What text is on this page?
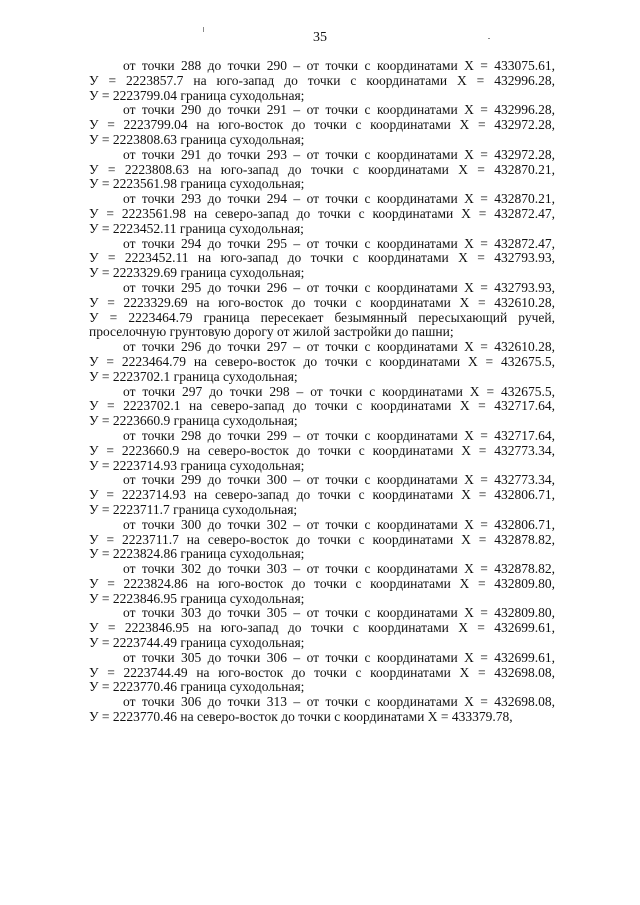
35

от точки 288 до точки 290 – от точки с координатами Х = 433075.61,
У = 2223857.7 на юго-запад до точки с координатами Х = 432996.28,
У = 2223799.04 граница суходольная;

от точки 290 до точки 291 – от точки с координатами Х = 432996.28,
У = 2223799.04 на юго-восток до точки с координатами Х = 432972.28,
У = 2223808.63 граница суходольная;

от точки 291 до точки 293 – от точки с координатами Х = 432972.28,
У = 2223808.63 на юго-запад до точки с координатами Х = 432870.21,
У = 2223561.98 граница суходольная;

от точки 293 до точки 294 – от точки с координатами Х = 432870.21,
У = 2223561.98 на северо-запад до точки с координатами Х = 432872.47,
У = 2223452.11 граница суходольная;

от точки 294 до точки 295 – от точки с координатами Х = 432872.47,
У = 2223452.11 на юго-запад до точки с координатами Х = 432793.93,
У = 2223329.69 граница суходольная;

от точки 295 до точки 296 – от точки с координатами Х = 432793.93,
У = 2223329.69 на юго-восток до точки с координатами Х = 432610.28,
У = 2223464.79 граница пересекает безымянный пересыхающий ручей,
проселочную грунтовую дорогу от жилой застройки до пашни;

от точки 296 до точки 297 – от точки с координатами Х = 432610.28,
У = 2223464.79 на северо-восток до точки с координатами Х = 432675.5,
У = 2223702.1 граница суходольная;

от точки 297 до точки 298 – от точки с координатами Х = 432675.5,
У = 2223702.1 на северо-запад до точки с координатами Х = 432717.64,
У = 2223660.9 граница суходольная;

от точки 298 до точки 299 – от точки с координатами Х = 432717.64,
У = 2223660.9 на северо-восток до точки с координатами Х = 432773.34,
У = 2223714.93 граница суходольная;

от точки 299 до точки 300 – от точки с координатами Х = 432773.34,
У = 2223714.93 на северо-запад до точки с координатами Х = 432806.71,
У = 2223711.7 граница суходольная;

от точки 300 до точки 302 – от точки с координатами Х = 432806.71,
У = 2223711.7 на северо-восток до точки с координатами Х = 432878.82,
У = 2223824.86 граница суходольная;

от точки 302 до точки 303 – от точки с координатами Х = 432878.82,
У = 2223824.86 на юго-восток до точки с координатами Х = 432809.80,
У = 2223846.95 граница суходольная;

от точки 303 до точки 305 – от точки с координатами Х = 432809.80,
У = 2223846.95 на юго-запад до точки с координатами Х = 432699.61,
У = 2223744.49 граница суходольная;

от точки 305 до точки 306 – от точки с координатами Х = 432699.61,
У = 2223744.49 на юго-восток до точки с координатами Х = 432698.08,
У = 2223770.46 граница суходольная;

от точки 306 до точки 313 – от точки с координатами Х = 432698.08,
У = 2223770.46 на северо-восток до точки с координатами Х = 433379.78,
